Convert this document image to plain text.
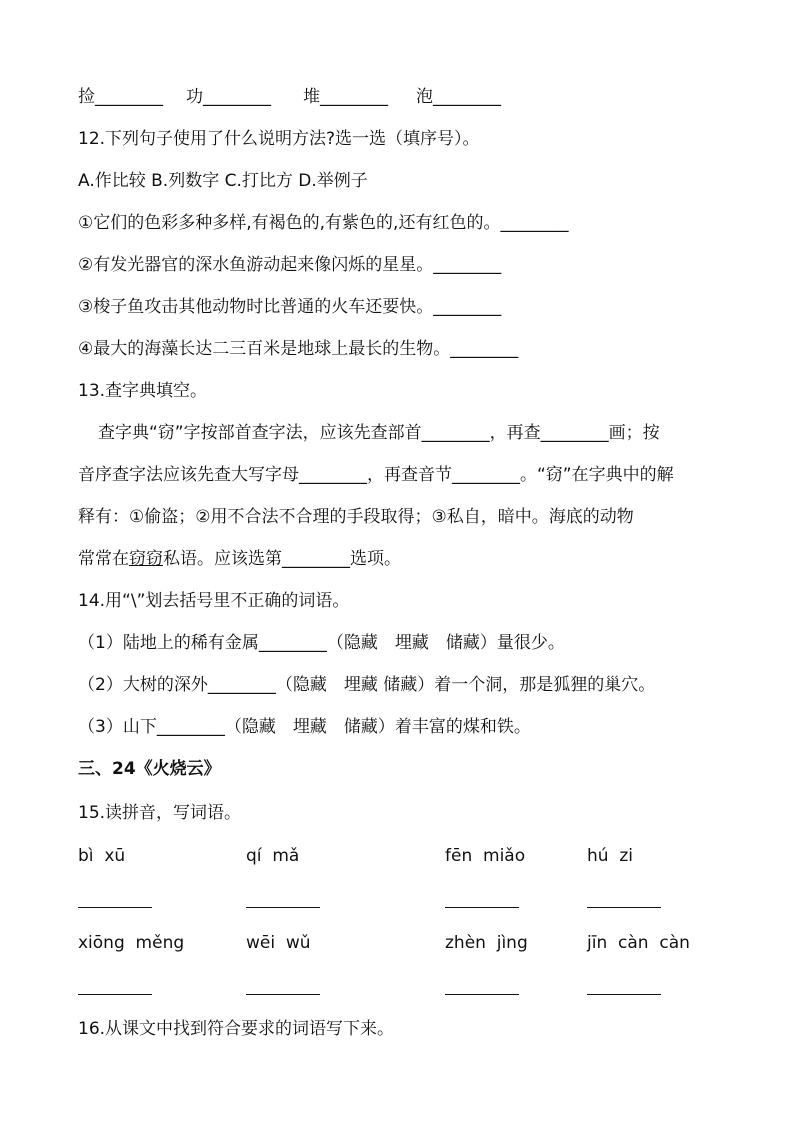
捡________ 功________ 堆________ 泡________
12.下列句子使用了什么说明方法?选一选（填序号）。
A.作比较 B.列数字 C.打比方 D.举例子
①它们的色彩多种多样,有褐色的,有紫色的,还有红色的。________
②有发光器官的深水鱼游动起来像闪烁的星星。________
③梭子鱼攻击其他动物时比普通的火车还要快。________
④最大的海藻长达二三百米是地球上最长的生物。________
13.查字典填空。
查字典“窃”字按部首查字法，应该先查部首________，再查________画；按
音序查字法应该先查大写字母________，再查音节________。“窃”在字典中的解
释有：①偷盗；②用不合法不合理的手段取得；③私自，暗中。海底的动物
常常在窃窃私语。应该选第________选项。
14.用“\”划去括号里不正确的词语。
（1）陆地上的稀有金属________（隐藏　埋藏　储藏）量很少。
（2）大树的深外________（隐藏　埋藏 储藏）着一个洞，那是狐狸的巢穴。
（3）山下________（隐藏　埋藏　储藏）着丰富的煤和铁。
三、24《火烧云》
15.读拼音，写词语。
bì  xū	qí  mǎ	fēn  miǎo	hú  zi
xiōng  měng	wēi  wǔ	zhèn  jìng	jīn  càn  càn
16.从课文中找到符合要求的词语写下来。
